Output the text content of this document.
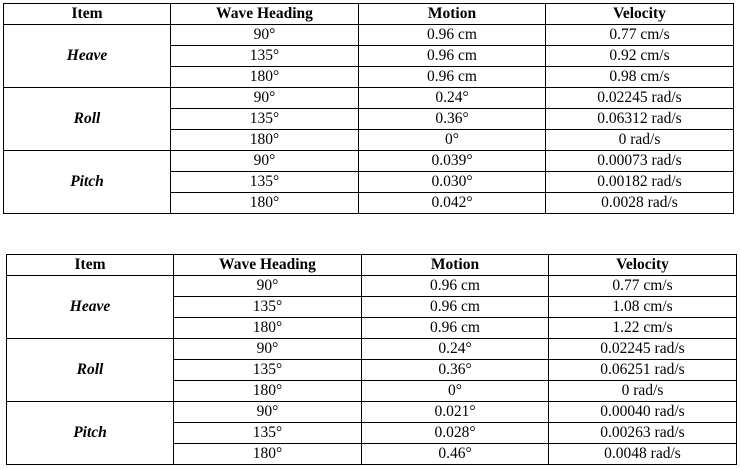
Item	Wave Heading	Motion	Velocity
Heave	90°	0.96 cm	0.77 cm/s
	135°	0.96 cm	0.92 cm/s
	180°	0.96 cm	0.98 cm/s
Roll	90°	0.24°	0.02245 rad/s
	135°	0.36°	0.06312 rad/s
	180°	0°	0 rad/s
Pitch	90°	0.039°	0.00073 rad/s
	135°	0.030°	0.00182 rad/s
	180°	0.042°	0.0028 rad/s
Item	Wave Heading	Motion	Velocity
Heave	90°	0.96 cm	0.77 cm/s
	135°	0.96 cm	1.08 cm/s
	180°	0.96 cm	1.22 cm/s
Roll	90°	0.24°	0.02245 rad/s
	135°	0.36°	0.06251 rad/s
	180°	0°	0 rad/s
Pitch	90°	0.021°	0.00040 rad/s
	135°	0.028°	0.00263 rad/s
	180°	0.46°	0.0048 rad/s
